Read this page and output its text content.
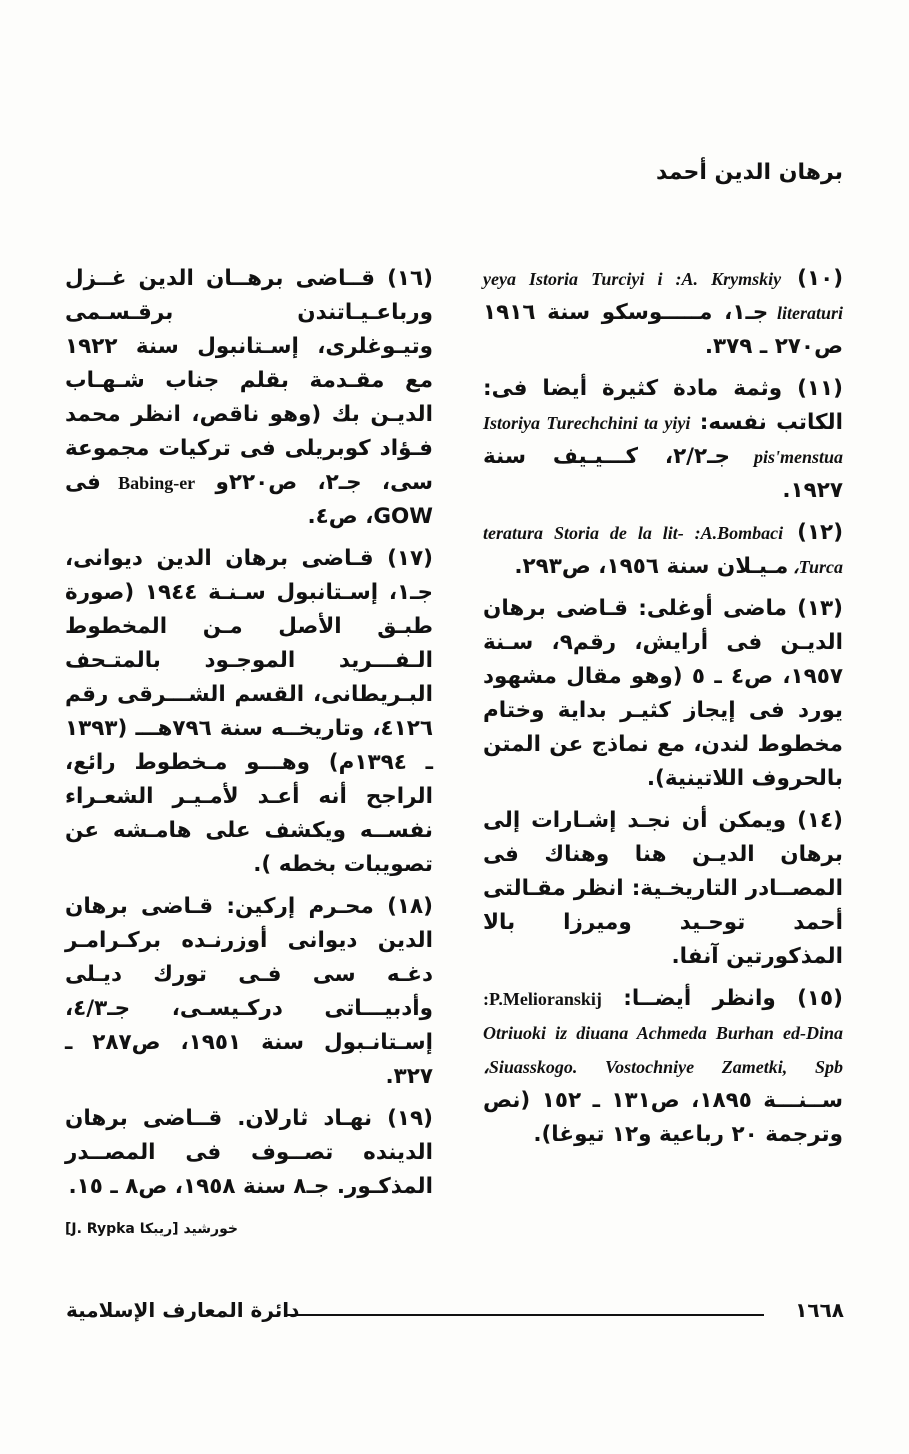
برهان الدين أحمد

(١٠) Istoria Turciyi i :A. Krymskiy yeya literaturi جـ١، مـــــوسكو سنة ١٩١٦ ص٢٧٠ ـ ٣٧٩.

(١١) وثمة مادة كثيرة أيضا فى: الكاتب نفسه: Istoriya Turechchini ta yiyi pis'menstua جـ٢/٢، كـــيـيف سنة ١٩٢٧.

(١٢) Storia de la lit- :A.Bombaci teratura Turca، مـيـلان سنة ١٩٥٦، ص٢٩٣.

(١٣) ماضى أوغلى: قـاضى برهان الديـن فى أرايش، رقم٩، سـنة ١٩٥٧، ص٤ ـ ٥ (وهو مقال مشهود يورد فى إيجاز كثيـر بداية وختام مخطوط لندن، مع نماذج عن المتن بالحروف اللاتينية).

(١٤) ويمكن أن نجـد إشـارات إلى برهان الديـن هنا وهناك فى المصــادر التاريخـية: انظر مقـالتى أحمد توحـيد وميرزا بالا المذكورتين آنفا.

(١٥) وانظر أيضــا: P.Melioranskij: Otriuoki iz diuana Achmeda Burhan ed-Dina Siuasskogo. Vostochniye Zametki, Spb، ســنـــة ١٨٩٥، ص١٣١ ـ ١٥٢ (نص وترجمة ٢٠ رباعية و١٢ تيوغا).

(١٦) قــاضى برهــان الدين غــزل ورباعـيـاتندن برقـسـمى وتيـوغلرى، إسـتانبول سنة ١٩٢٢ مع مقـدمة بقلم جناب شـهـاب الديـن بك (وهو ناقص، انظر محمد فـؤاد كوبريلى فى تركيات مجموعة سى، جـ٢، ص٢٢٠و Babing-er فى GOW، ص٤.

(١٧) قـاضى برهان الدين ديوانى، جـ١، إسـتانبول سـنـة ١٩٤٤ (صورة طبـق الأصل مـن المخطوط الـفـــريد الموجـود بالمتـحف البـريطانى، القسم الشـــرقى رقم ٤١٢٦، وتاريخــه سنة ٧٩٦هـــ (١٣٩٣ ـ ١٣٩٤م) وهـــو مـخطوط رائع، الراجح أنه أعـد لأمـيـر الشعـراء نفســه ويكشف على هامـشه عن تصويبات بخطه ).

(١٨) محـرم إركين: قـاضى برهان الدين ديوانى أوزرنـده بركـرامـر دغـه سى فـى تورك ديـلى وأدبيـــاتى دركـيسـى، جـ٤/٣، إسـتانـبول سنة ١٩٥١، ص٢٨٧ ـ ٣٢٧.

(١٩) نهـاد ثارلان. قــاضى برهان الدينده تصــوف فى المصــدر المذكـور. جـ٨ سنة ١٩٥٨، ص٨ ـ ١٥.

خورشيد [ريبكا J. Rypka]
١٦٦٨
دائرة المعارف الإسلامية
